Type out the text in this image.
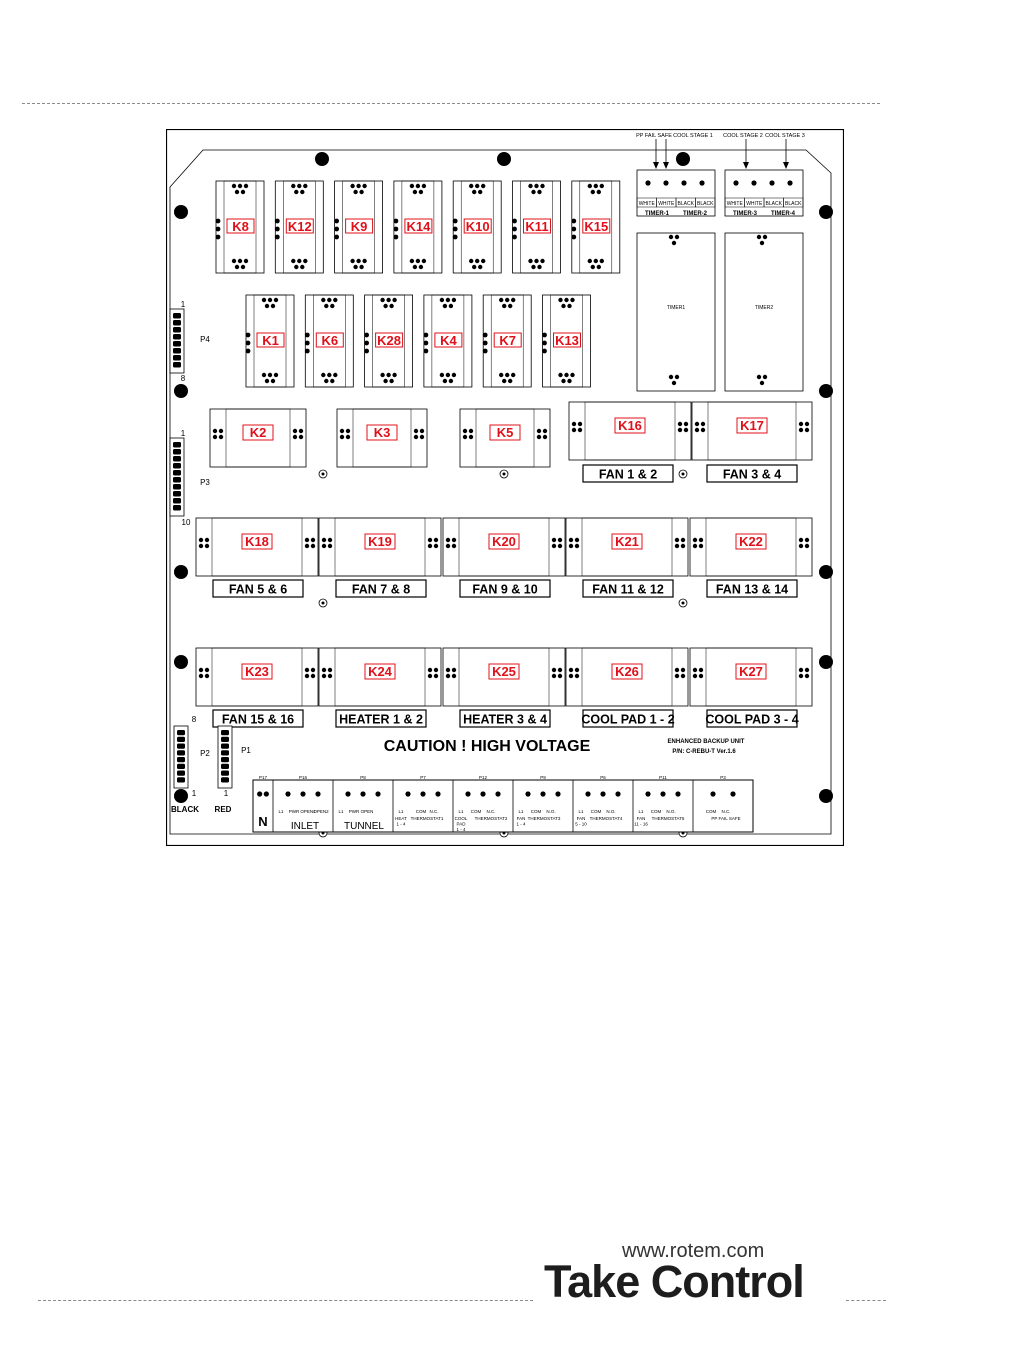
K8	K12	K9	K14	K10	K11	K15
K1	K6	K28	K4	K7	K13
K2	K3	K5	K16	K17
K18	K19	K20	K21	K22
K23	K24	K25	K26	K27
FAN 1 & 2	FAN 3 & 4
FAN 5 & 6	FAN 7 & 8	FAN 9 & 10	FAN 11 & 12	FAN 13 & 14
FAN 15 & 16	HEATER 1 & 2	HEATER 3 & 4	COOL PAD 1 - 2 COOL PAD 3 - 4
PP FAIL SAFE COOL STAGE 1 COOL STAGE 2 COOL STAGE 3
WHITE WHITE BLACK BLACK
TIMER-1 TIMER-2
WHITE WHITE BLACK BLACK
TIMER-3 TIMER-4
TIMER1	TIMER2
1
P4
8
1
P3
10
8
P2
1	1
P1
BLACK RED
P17	P16	P8	P7	P12	P9	P6	P11	P3
L1 PWR OPEN1
OPEN2 L1 PWR OPEN	L1	COM N.C.	L1 COM N.C.	L1 COM N.O.	L1 COM N.O.	L1 COM N.O.	COM N.C.
HEAT
1 - 4
THERMOSTAT1 COOL
PAD
1 - 4
THERMOSTAT2 FAN
1 - 4
THERMOSTAT3	FAN
5 - 10
THERMOSTAT4	FAN
11 - 16
THERMOSTAT5	PP FAIL SAFE
N INLET TUNNEL
CAUTION ! HIGH VOLTAGE	ENHANCED BACKUP UNIT
P/N: C-REBU-T Ver.1.6
www.rotem.com
Take Control
